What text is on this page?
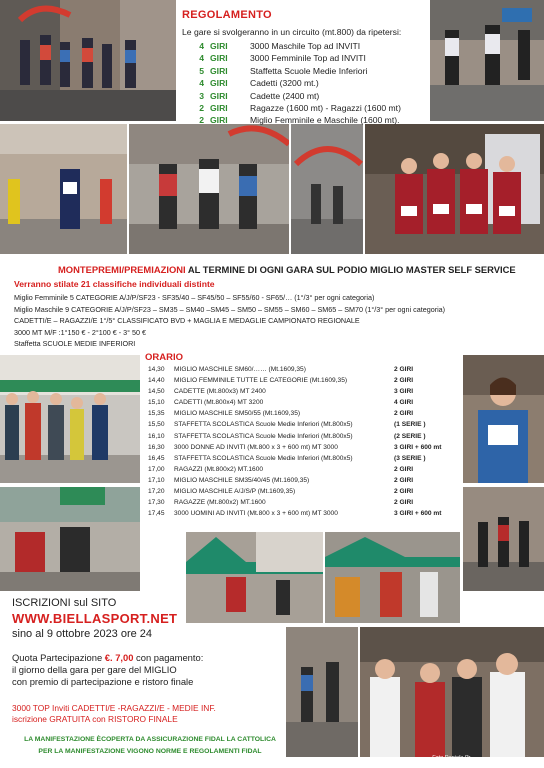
Foto Daniele Pr...
REGOLAMENTO
Le gare si svolgeranno in un circuito (mt.800) da ripetersi:
4 GIRI	3000 Maschile Top ad INVITI
4 GIRI	3000 Femminile Top ad INVITI
5 GIRI	Staffetta Scuole Medie Inferiori
4 GIRI	Cadetti (3200 mt.)
3 GIRI	Cadette (2400 mt)
2 GIRI	Ragazze (1600 mt) - Ragazzi (1600 mt)
2 GIRI	Miglio Femminile e Maschile (1600 mt).
MONTEPREMI/PREMIAZIONI AL TERMINE DI OGNI GARA SUL PODIO MIGLIO MASTER SELF SERVICE
Verranno stilate 21 classifiche individuali distinte
Miglio Femminile 5 CATEGORIE A/J/P/SF23 - SF35/40 – SF45/50 – SF55/60 - SF65/… (1°/3° per ogni categoria)
Miglio Maschile 9 CATEGORIE A/J/P/SF23 – SM35 – SM40 –SM45 – SM50 – SM55 – SM60 – SM65 – SM70 (1°/3° per ogni categoria)
CADETTI/E – RAGAZZI/E 1°/5° CLASSIFICATO BVD + MAGLIA E MEDAGLIE CAMPIONATO REGIONALE
3000 MT M/F :1°150 € - 2°100 € - 3° 50 €
Staffetta SCUOLE MEDIE INFERIORI
ORARIO
14,30	MIGLIO MASCHILE SM60/…… (Mt.1609,35)	2 GIRI
14,40	MIGLIO FEMMINILE TUTTE LE CATEGORIE (Mt.1609,35)	2 GIRI
14,50	CADETTE (Mt.800x3) MT 2400	3 GIRI
15,10	CADETTI (Mt.800x4) MT 3200	4 GIRI
15,35	MIGLIO MASCHILE SM50/55 (Mt.1609,35)	2 GIRI
15,50	STAFFETTA SCOLASTICA Scuole Medie Inferiori (Mt.800x5)	(1 SERIE )
16,10	STAFFETTA SCOLASTICA Scuole Medie Inferiori (Mt.800x5)	(2 SERIE )
16,30	3000 DONNE AD INVITI (Mt.800 x 3 + 600 mt) MT 3000	3 GIRI + 600 mt
16,45	STAFFETTA SCOLASTICA Scuole Medie Inferiori (Mt.800x5)	(3 SERIE )
17,00	RAGAZZI (Mt.800x2) MT.1600	2 GIRI
17,10	MIGLIO MASCHILE SM35/40/45 (Mt.1609,35)	2 GIRI
17,20	MIGLIO MASCHILE A/J/S/P (Mt.1609,35)	2 GIRI
17,30	RAGAZZE (Mt.800x2) MT.1600	2 GIRI
17,45	3000 UOMINI AD INVITI (Mt.800 x 3 + 600 mt) MT 3000	3 GIRI + 600 mt
ISCRIZIONI sul SITO
WWW.BIELLASPORT.NET
sino al 9 ottobre 2023 ore 24
Quota Partecipazione €. 7,00 con pagamento:
il giorno della gara per gare del MIGLIO
con premio di partecipazione e ristoro finale
3000 TOP Inviti CADETTI/E -RAGAZZI/E - MEDIE INF.
iscrizione GRATUITA con RISTORO FINALE
LA MANIFESTAZIONE ÈCOPERTA DA ASSICURAZIONE FIDAL LA CATTOLICA
PER LA MANIFESTAZIONE VIGONO NORME E REGOLAMENTI FIDAL
